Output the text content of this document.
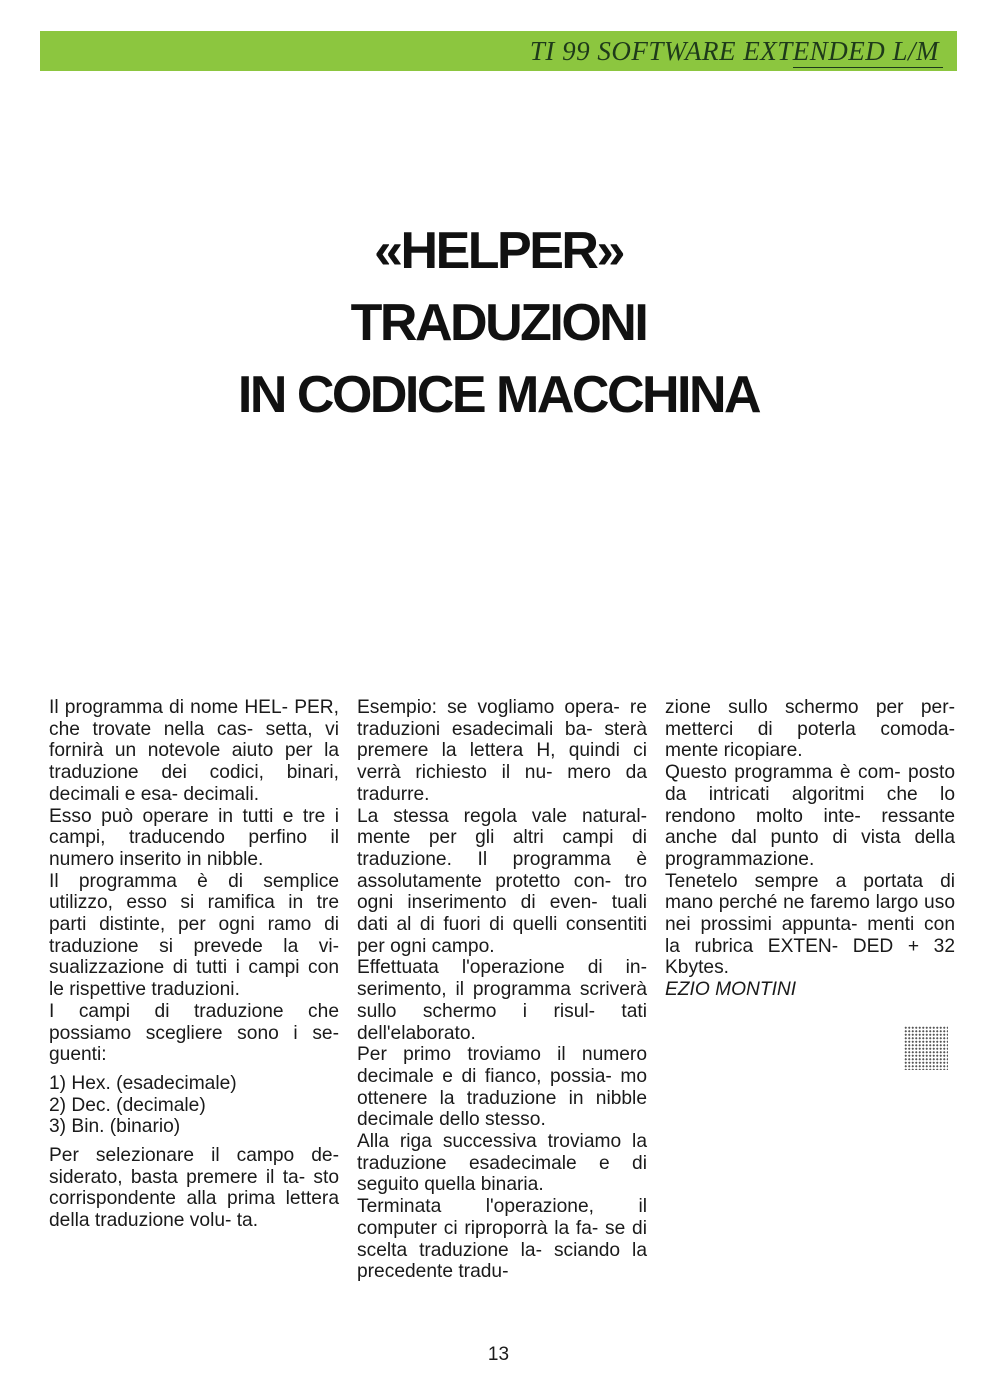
TI 99 SOFTWARE EXTENDED L/M
«HELPER»
TRADUZIONI
IN CODICE MACCHINA

Il programma di nome HEL- PER, che trovate nella cas- setta, vi fornirà un notevole aiuto per la traduzione dei codici, binari, decimali e esa- decimali.

Esso può operare in tutti e tre i campi, traducendo perfino il numero inserito in nibble.

Il programma è di semplice utilizzo, esso si ramifica in tre parti distinte, per ogni ramo di traduzione si prevede la vi- sualizzazione di tutti i campi con le rispettive traduzioni.

I campi di traduzione che possiamo scegliere sono i se- guenti:

1) Hex. (esadecimale)
2) Dec. (decimale)
3) Bin. (binario)

Per selezionare il campo de- siderato, basta premere il ta- sto corrispondente alla prima lettera della traduzione volu- ta.

Esempio: se vogliamo opera- re traduzioni esadecimali ba- sterà premere la lettera H, quindi ci verrà richiesto il nu- mero da tradurre.

La stessa regola vale natural- mente per gli altri campi di traduzione. Il programma è assolutamente protetto con- tro ogni inserimento di even- tuali dati al di fuori di quelli consentiti per ogni campo.

Effettuata l'operazione di in- serimento, il programma scriverà sullo schermo i risul- tati dell'elaborato.

Per primo troviamo il numero decimale e di fianco, possia- mo ottenere la traduzione in nibble decimale dello stesso.

Alla riga successiva troviamo la traduzione esadecimale e di seguito quella binaria.

Terminata l'operazione, il computer ci riproporrà la fa- se di scelta traduzione la- sciando la precedente tradu-

zione sullo schermo per per- metterci di poterla comoda- mente ricopiare.

Questo programma è com- posto da intricati algoritmi che lo rendono molto inte- ressante anche dal punto di vista della programmazione.

Tenetelo sempre a portata di mano perché ne faremo largo uso nei prossimi appunta- menti con la rubrica EXTEN- DED + 32 Kbytes.

EZIO MONTINI

13
